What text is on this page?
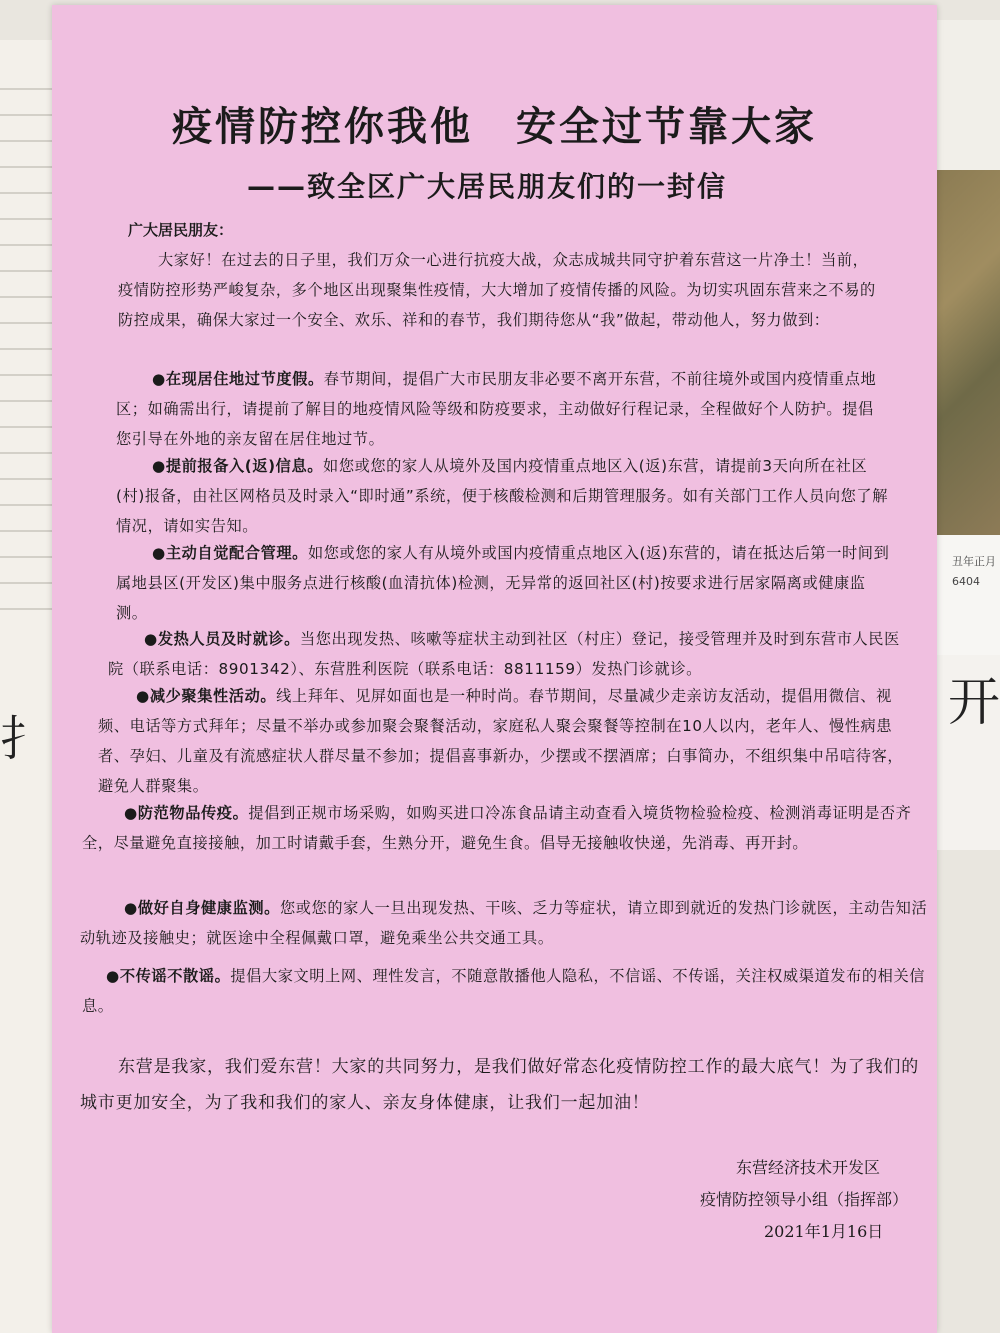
扌
丑年正月
6404
开
疫情防控你我他　安全过节靠大家
——致全区广大居民朋友们的一封信
广大居民朋友：

大家好！在过去的日子里，我们万众一心进行抗疫大战，众志成城共同守护着东营这一片净土！当前，疫情防控形势严峻复杂，多个地区出现聚集性疫情，大大增加了疫情传播的风险。为切实巩固东营来之不易的防控成果，确保大家过一个安全、欢乐、祥和的春节，我们期待您从“我”做起，带动他人，努力做到：

●在现居住地过节度假。春节期间，提倡广大市民朋友非必要不离开东营，不前往境外或国内疫情重点地区；如确需出行，请提前了解目的地疫情风险等级和防疫要求，主动做好行程记录，全程做好个人防护。提倡您引导在外地的亲友留在居住地过节。

●提前报备入(返)信息。如您或您的家人从境外及国内疫情重点地区入(返)东营，请提前3天向所在社区(村)报备，由社区网格员及时录入“即时通”系统，便于核酸检测和后期管理服务。如有关部门工作人员向您了解情况，请如实告知。

●主动自觉配合管理。如您或您的家人有从境外或国内疫情重点地区入(返)东营的，请在抵达后第一时间到属地县区(开发区)集中服务点进行核酸(血清抗体)检测，无异常的返回社区(村)按要求进行居家隔离或健康监测。

●发热人员及时就诊。当您出现发热、咳嗽等症状主动到社区（村庄）登记，接受管理并及时到东营市人民医院（联系电话：8901342）、东营胜利医院（联系电话：8811159）发热门诊就诊。

●减少聚集性活动。线上拜年、见屏如面也是一种时尚。春节期间，尽量减少走亲访友活动，提倡用微信、视频、电话等方式拜年；尽量不举办或参加聚会聚餐活动，家庭私人聚会聚餐等控制在10人以内，老年人、慢性病患者、孕妇、儿童及有流感症状人群尽量不参加；提倡喜事新办，少摆或不摆酒席；白事简办，不组织集中吊唁待客，避免人群聚集。

●防范物品传疫。提倡到正规市场采购，如购买进口冷冻食品请主动查看入境货物检验检疫、检测消毒证明是否齐全，尽量避免直接接触，加工时请戴手套，生熟分开，避免生食。倡导无接触收快递，先消毒、再开封。

●做好自身健康监测。您或您的家人一旦出现发热、干咳、乏力等症状，请立即到就近的发热门诊就医，主动告知活动轨迹及接触史；就医途中全程佩戴口罩，避免乘坐公共交通工具。

●不传谣不散谣。提倡大家文明上网、理性发言，不随意散播他人隐私，不信谣、不传谣，关注权威渠道发布的相关信息。

东营是我家，我们爱东营！大家的共同努力，是我们做好常态化疫情防控工作的最大底气！为了我们的城市更加安全，为了我和我们的家人、亲友身体健康，让我们一起加油！

东营经济技术开发区
疫情防控领导小组（指挥部）
2021年1月16日
